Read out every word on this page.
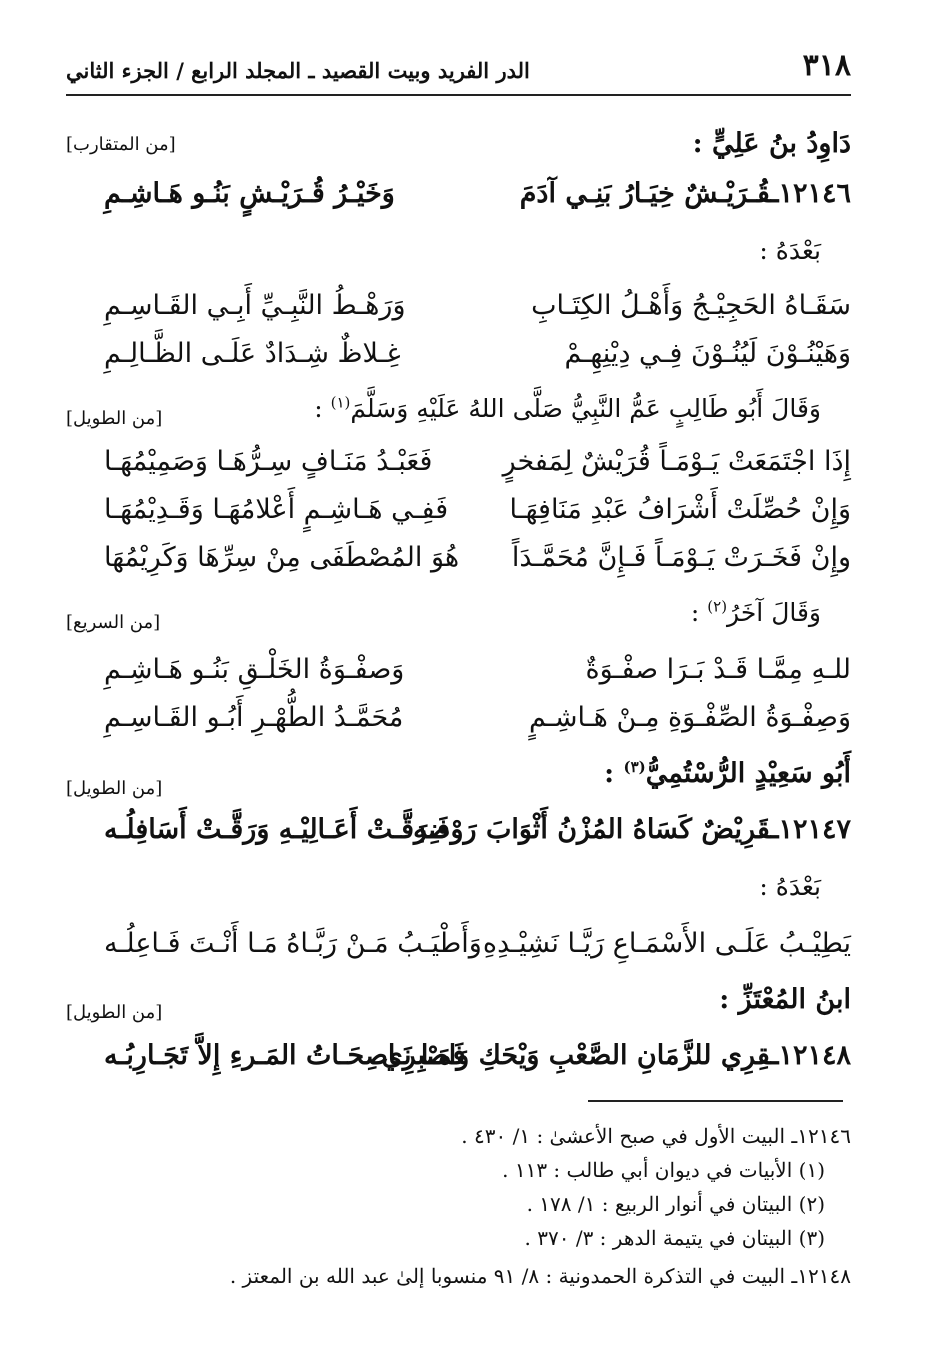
٣١٨
الدر الفريد وبيت القصيد ـ المجلد الرابع / الجزء الثاني
دَاوِدُ بنُ عَلِيٍّ :
[من المتقارب]
١٢١٤٦ـقُـرَيْـشٌ خِيَـارُ بَنِـي آدَمَ
وَخَيْـرُ قُـرَيْـشٍ بَنُـو هَـاشِـمِ
بَعْدَهُ :
سَقَـاهُ الحَجِيْـجُ وَأَهْـلُ الكِتَـابِ
وَرَهْـطُ النَّبِـيِّ أَبِـي القَـاسِـمِ
وَهَيْنُـوْنَ لَيُنُـوْنَ فِـي دِيْنِهِـمْ
غِـلاظٌ شِـدَادٌ عَلَـى الظَّـالِـمِ
وَقَالَ أَبُو طَالِبٍ عَمُّ النَّبِيُّ صَلَّى اللهُ عَلَيْهِ وَسَلَّمَ$^{(١)}$ :
[من الطويل]
إِذَا اجْتَمَعَتْ يَـوْمَـاً قُرَيْشٌ لِمَفخرٍ
فَعَبْـدُ مَنَـافٍ سِـرُّهَـا وَصَمِيْمُهَـا
وَإِنْ حُصِّلَتْ أَشْرَافُ عَبْدِ مَنَافِهَـا
فَفِـي هَـاشِـمٍ أَعْلامُهَـا وَقَـدِيْمُهَـا
وإِنْ فَخَـرَتْ يَـوْمَـاً فَـإِنَّ مُحَمَّـدَاً
هُوَ المُصْطَفَى مِنْ سِرِّهَا وَكَرِيْمُهَا
وَقَالَ آخَرُ$^{(٢)}$ :
[من السريع]
للـهِ مِمَّـا قَـدْ بَـرَا صفْـوَةٌ
وَصفْـوَةُ الخَلْـقِ بَنُـو هَـاشِـمِ
وَصِفْـوَةُ الصِّفْـوَةِ مِـنْ هَـاشِـمٍ
مُحَمَّـدُ الطُّهْـرِ أَبُـو القَـاسِـمِ
أَبُو سَعِيْدٍ الرُّسْتُمِيُّ$^{(٣)}$ :
[من الطويل]
١٢١٤٧ـقَرِيْضٌ كَسَاهُ المُزْنُ أَثْوَابَ رَوْضِهِ
فَـرَقَّـتْ أَعَـالِيْـهِ وَرَقَّـتْ أَسَافِلُـه
بَعْدَهُ :
يَطِيْـبُ عَلَـى الأَسْمَـاعِ رَيَّـا نَشِيْـدِهِ
وَأَطْيَـبُ مَـنْ رَبَّـاهُ مَـا أَنْـتَ فَـاعِلُـه
ابنُ المُعْتَزِّ :
[من الطويل]
١٢١٤٨ـقِرِي للزَّمَانِ الصَّعْبِ وَيْحَكِ وَاصْبِرِي
فَمَـا نَـاصِحَـاتُ المَـرءِ إِلاَّ تَجَـارِبُـه
١٢١٤٦ـ البيت الأول في صبح الأعشىٰ : ١/ ٤٣٠ .
(١) الأبيات في ديوان أبي طالب : ١١٣ .
(٢) البيتان في أنوار الربيع : ١/ ١٧٨ .
(٣) البيتان في يتيمة الدهر : ٣/ ٣٧٠ .
١٢١٤٨ـ البيت في التذكرة الحمدونية : ٨/ ٩١ منسوبا إلىٰ عبد الله بن المعتز .
